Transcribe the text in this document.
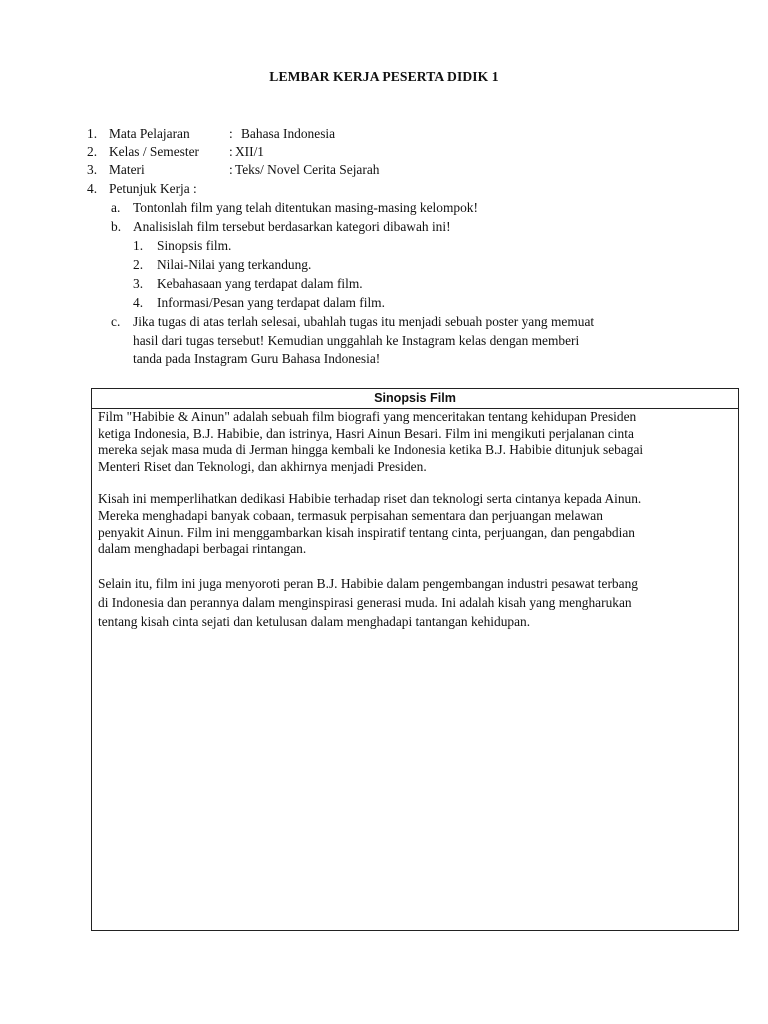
LEMBAR KERJA PESERTA DIDIK 1
1. Mata Pelajaran	: Bahasa Indonesia
2. Kelas / Semester : XII/1
3. Materi	: Teks/ Novel Cerita Sejarah
4. Petunjuk Kerja :
a. Tontonlah film yang telah ditentukan masing-masing kelompok!
b. Analisislah film tersebut berdasarkan kategori dibawah ini!
1. Sinopsis film.
2. Nilai-Nilai yang terkandung.
3. Kebahasaan yang terdapat dalam film.
4. Informasi/Pesan yang terdapat dalam film.
c. Jika tugas di atas terlah selesai, ubahlah tugas itu menjadi sebuah poster yang memuat
hasil dari tugas tersebut! Kemudian unggahlah ke Instagram kelas dengan memberi
tanda pada Instagram Guru Bahasa Indonesia!
Sinopsis Film

Film "Habibie & Ainun" adalah sebuah film biografi yang menceritakan tentang kehidupan Presiden
ketiga Indonesia, B.J. Habibie, dan istrinya, Hasri Ainun Besari. Film ini mengikuti perjalanan cinta
mereka sejak masa muda di Jerman hingga kembali ke Indonesia ketika B.J. Habibie ditunjuk sebagai
Menteri Riset dan Teknologi, dan akhirnya menjadi Presiden.

Kisah ini memperlihatkan dedikasi Habibie terhadap riset dan teknologi serta cintanya kepada Ainun.
Mereka menghadapi banyak cobaan, termasuk perpisahan sementara dan perjuangan melawan
penyakit Ainun. Film ini menggambarkan kisah inspiratif tentang cinta, perjuangan, dan pengabdian
dalam menghadapi berbagai rintangan.

Selain itu, film ini juga menyoroti peran B.J. Habibie dalam pengembangan industri pesawat terbang
di Indonesia dan perannya dalam menginspirasi generasi muda. Ini adalah kisah yang mengharukan
tentang kisah cinta sejati dan ketulusan dalam menghadapi tantangan kehidupan.
